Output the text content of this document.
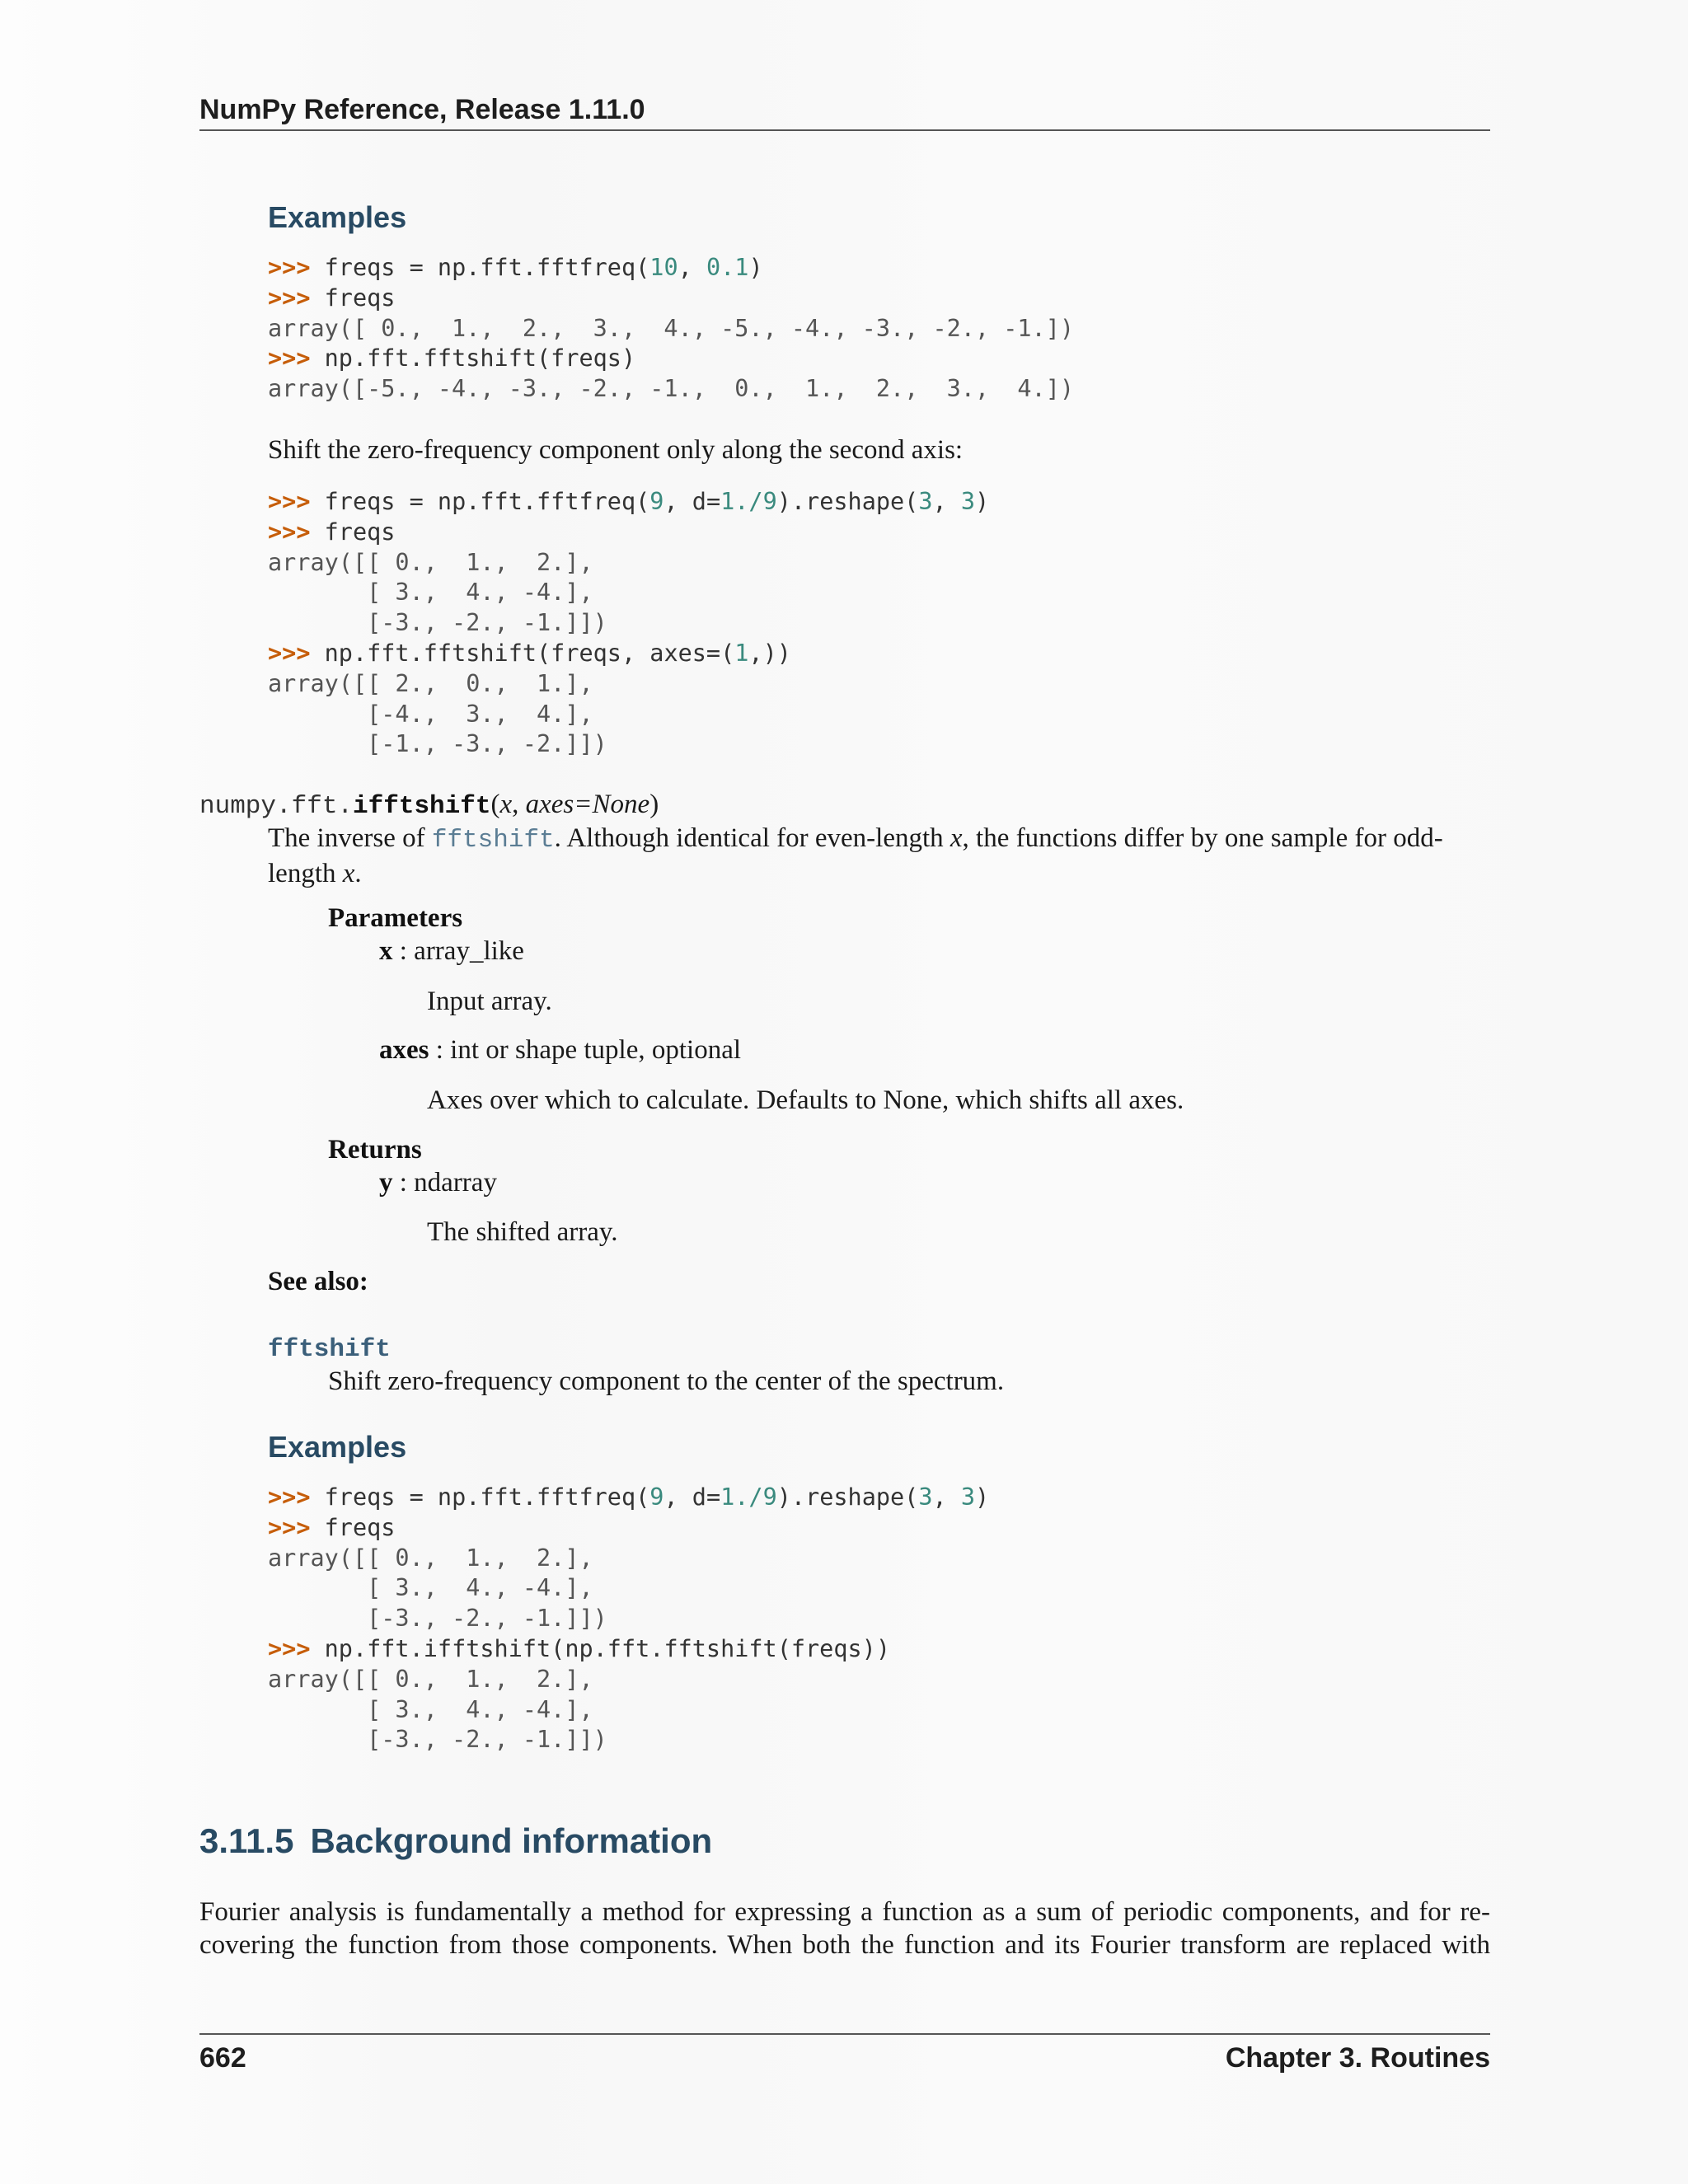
NumPy Reference, Release 1.11.0
Examples
>>> freqs = np.fft.fftfreq(10, 0.1)
>>> freqs
array([ 0.,  1.,  2.,  3.,  4., -5., -4., -3., -2., -1.])
>>> np.fft.fftshift(freqs)
array([-5., -4., -3., -2., -1.,  0.,  1.,  2.,  3.,  4.])
Shift the zero-frequency component only along the second axis:
>>> freqs = np.fft.fftfreq(9, d=1./9).reshape(3, 3)
>>> freqs
array([[ 0.,  1.,  2.],
[ 3.,  4., -4.],
[-3., -2., -1.]])
>>> np.fft.fftshift(freqs, axes=(1,))
array([[ 2.,  0.,  1.],
[-4.,  3.,  4.],
[-1., -3., -2.]])
numpy.fft.ifftshift(x, axes=None)
The inverse of fftshift. Although identical for even-length x, the functions differ by one sample for odd-
length x.
Parameters
x : array_like
Input array.
axes : int or shape tuple, optional
Axes over which to calculate. Defaults to None, which shifts all axes.
Returns
y : ndarray
The shifted array.
See also:
fftshift
Shift zero-frequency component to the center of the spectrum.
Examples
>>> freqs = np.fft.fftfreq(9, d=1./9).reshape(3, 3)
>>> freqs
array([[ 0.,  1.,  2.],
[ 3.,  4., -4.],
[-3., -2., -1.]])
>>> np.fft.ifftshift(np.fft.fftshift(freqs))
array([[ 0.,  1.,  2.],
[ 3.,  4., -4.],
[-3., -2., -1.]])
3.11.5 Background information
Fourier analysis is fundamentally a method for expressing a function as a sum of periodic components, and for re-covering the function from those components. When both the function and its Fourier transform are replaced with
662	Chapter 3. Routines
